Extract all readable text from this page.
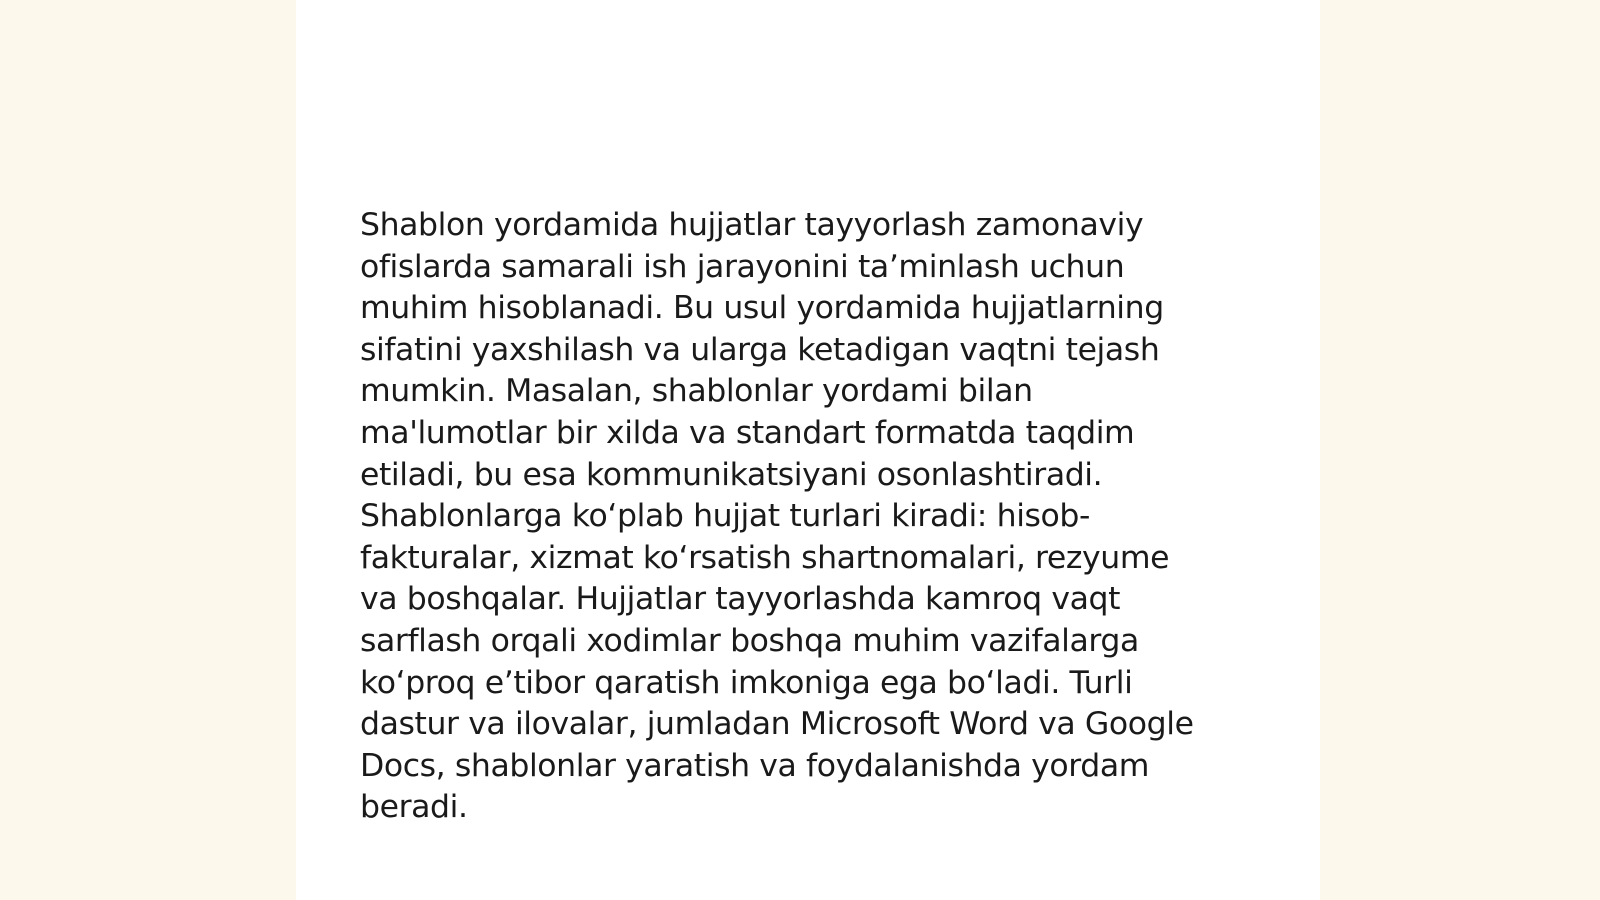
Shablon yordamida hujjatlar tayyorlash zamonaviy
ofislarda samarali ish jarayonini ta’minlash uchun
muhim hisoblanadi. Bu usul yordamida hujjatlarning
sifatini yaxshilash va ularga ketadigan vaqtni tejash
mumkin. Masalan, shablonlar yordami bilan
ma'lumotlar bir xilda va standart formatda taqdim
etiladi, bu esa kommunikatsiyani osonlashtiradi.
Shablonlarga ko‘plab hujjat turlari kiradi: hisob-
fakturalar, xizmat ko‘rsatish shartnomalari, rezyume
va boshqalar. Hujjatlar tayyorlashda kamroq vaqt
sarflash orqali xodimlar boshqa muhim vazifalarga
ko‘proq e’tibor qaratish imkoniga ega bo‘ladi. Turli
dastur va ilovalar, jumladan Microsoft Word va Google
Docs, shablonlar yaratish va foydalanishda yordam
beradi.
